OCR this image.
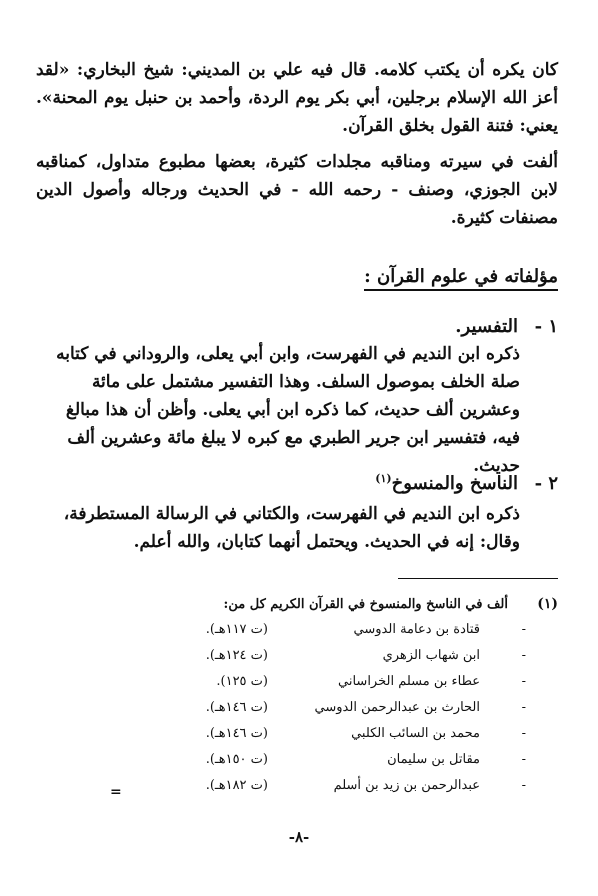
كان يكره أن يكتب كلامه. قال فيه علي بن المديني: شيخ البخاري: «لقد أعز الله الإسلام برجلين، أبي بكر يوم الردة، وأحمد بن حنبل يوم المحنة». يعني: فتنة القول بخلق القرآن.

ألفت في سيرته ومناقبه مجلدات كثيرة، بعضها مطبوع متداول، كمناقبه لابن الجوزي، وصنف - رحمه الله - في الحديث ورجاله وأصول الدين مصنفات كثيرة.

مؤلفاته في علوم القرآن :
١ -التفسير.

ذكره ابن النديم في الفهرست، وابن أبي يعلى، والروداني في كتابه صلة الخلف بموصول السلف. وهذا التفسير مشتمل على مائة وعشرين ألف حديث، كما ذكره ابن أبي يعلى. وأظن أن هذا مبالغ فيه، فتفسير ابن جرير الطبري مع كبره لا يبلغ مائة وعشرين ألف حديث.

٢ -الناسخ والمنسوخ$^{(١)}$

ذكره ابن النديم في الفهرست، والكتاني في الرسالة المستطرفة، وقال: إنه في الحديث. ويحتمل أنهما كتابان، والله أعلم.

(١)
ألف في الناسخ والمنسوخ في القرآن الكريم كل من:
-
قتادة بن دعامة الدوسي
(ت ١١٧هـ).
-
ابن شهاب الزهري
(ت ١٢٤هـ).
-
عطاء بن مسلم الخراساني
(ت ١٢٥).
-
الحارث بن عبدالرحمن الدوسي
(ت ١٤٦هـ).
-
محمد بن السائب الكلبي
(ت ١٤٦هـ).
-
مقاتل بن سليمان
(ت ١٥٠هـ).
-
عبدالرحمن بن زيد بن أسلم
(ت ١٨٢هـ).
=
-٨-
